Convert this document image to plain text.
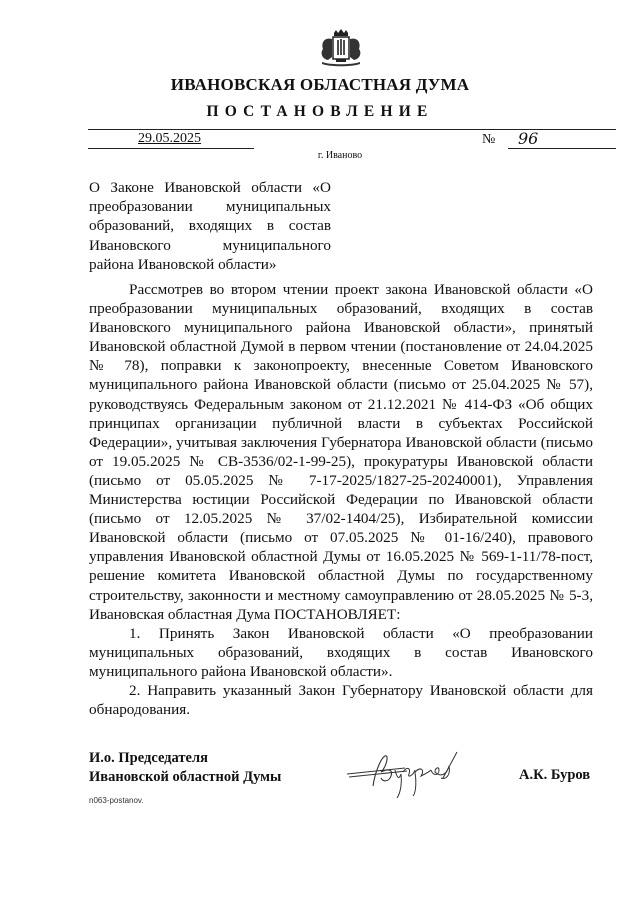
ИВАНОВСКАЯ ОБЛАСТНАЯ ДУМА
ПОСТАНОВЛЕНИЕ
29.05.2025	№	96
г. Иваново
О Законе Ивановской области «О преобразовании муниципальных образований, входящих в состав Ивановского муниципального района Ивановской области»

Рассмотрев во втором чтении проект закона Ивановской области «О преобразовании муниципальных образований, входящих в состав Ивановского муниципального района Ивановской области», принятый Ивановской областной Думой в первом чтении (постановление от 24.04.2025 № 78), поправки к законопроекту, внесенные Советом Ивановского муниципального района Ивановской области (письмо от 25.04.2025 № 57), руководствуясь Федеральным законом от 21.12.2021 № 414-ФЗ «Об общих принципах организации публичной власти в субъектах Российской Федерации», учитывая заключения Губернатора Ивановской области (письмо от 19.05.2025 № СВ-3536/02-1-99-25), прокуратуры Ивановской области (письмо от 05.05.2025 № 7-17-2025/1827-25-20240001), Управления Министерства юстиции Российской Федерации по Ивановской области (письмо от 12.05.2025 № 37/02-1404/25), Избирательной комиссии Ивановской области (письмо от 07.05.2025 № 01-16/240), правового управления Ивановской областной Думы от 16.05.2025 № 569-1-11/78-пост, решение комитета Ивановской областной Думы по государственному строительству, законности и местному самоуправлению от 28.05.2025 № 5-3, Ивановская областная Дума ПОСТАНОВЛЯЕТ:

1. Принять Закон Ивановской области «О преобразовании муниципальных образований, входящих в состав Ивановского муниципального района Ивановской области».

2. Направить указанный Закон Губернатору Ивановской области для обнародования.

И.о. Председателя
Ивановской областной Думы	А.К. Буров
n063-postanov.
